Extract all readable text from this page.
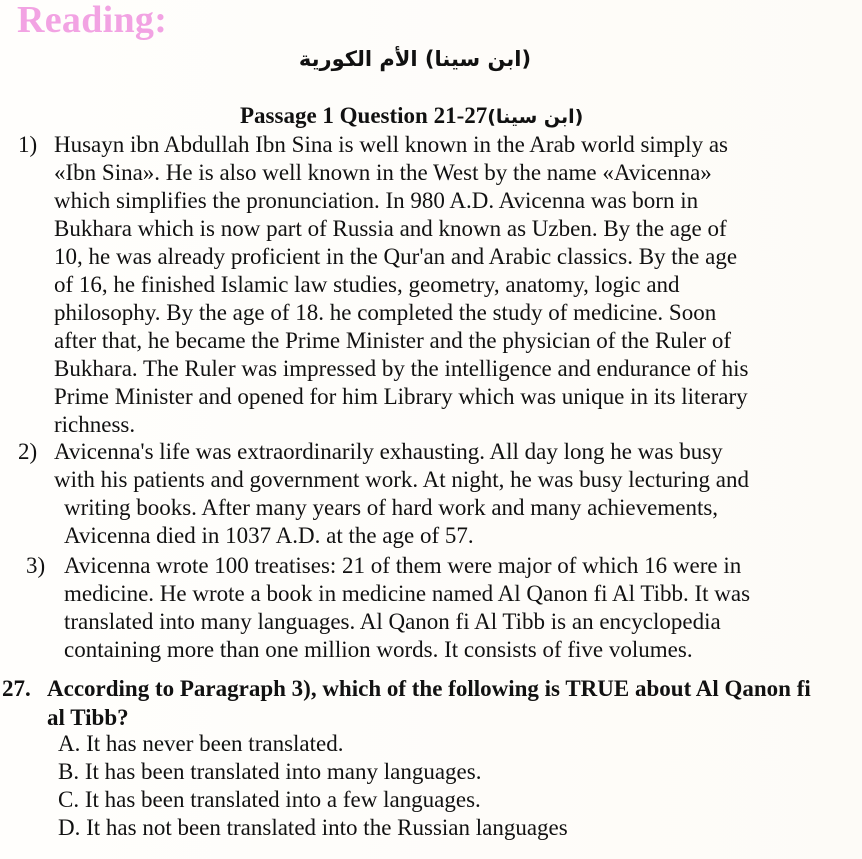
Reading:
(ابن سينا) الأم الكورية
Passage 1 Question 21-27(ابن سينا)
1) Husayn ibn Abdullah Ibn Sina is well known in the Arab world simply as
«Ibn Sina». He is also well known in the West by the name «Avicenna»
which simplifies the pronunciation. In 980 A.D. Avicenna was born in
Bukhara which is now part of Russia and known as Uzben. By the age of
10, he was already proficient in the Qur'an and Arabic classics. By the age
of 16, he finished Islamic law studies, geometry, anatomy, logic and
philosophy. By the age of 18. he completed the study of medicine. Soon
after that, he became the Prime Minister and the physician of the Ruler of
Bukhara. The Ruler was impressed by the intelligence and endurance of his
Prime Minister and opened for him Library which was unique in its literary
richness.
2) Avicenna's life was extraordinarily exhausting. All day long he was busy
with his patients and government work. At night, he was busy lecturing and
writing books. After many years of hard work and many achievements,
Avicenna died in 1037 A.D. at the age of 57.
3) Avicenna wrote 100 treatises: 21 of them were major of which 16 were in
medicine. He wrote a book in medicine named Al Qanon fi Al Tibb. It was
translated into many languages. Al Qanon fi Al Tibb is an encyclopedia
containing more than one million words. It consists of five volumes.
27. According to Paragraph 3), which of the following is TRUE about Al Qanon fi
al Tibb?
A. It has never been translated.
B. It has been translated into many languages.
C. It has been translated into a few languages.
D. It has not been translated into the Russian languages
